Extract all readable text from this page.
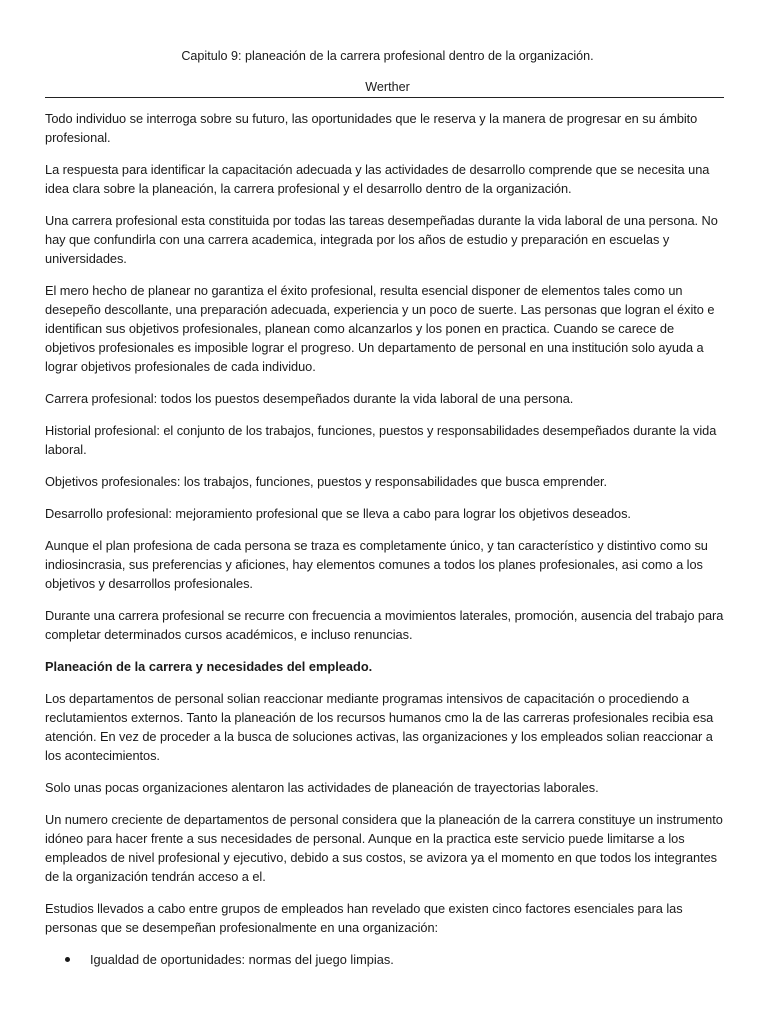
Capitulo 9: planeación de la carrera profesional dentro de la organización.

Werther

Todo individuo se interroga sobre su futuro, las oportunidades que le reserva y la manera de progresar en su ámbito profesional.

La respuesta para identificar la capacitación adecuada y las actividades de desarrollo comprende que se necesita una idea clara sobre la planeación, la carrera profesional y el desarrollo dentro de la organización.

Una carrera profesional esta constituida por todas las tareas desempeñadas durante la vida laboral de una persona. No hay que confundirla con una carrera academica, integrada por los años de estudio y preparación en escuelas y universidades.

El mero hecho de planear no garantiza el éxito profesional, resulta esencial disponer de elementos tales como un desepeño descollante, una preparación adecuada, experiencia y un poco de suerte. Las personas que logran el éxito e identifican sus objetivos profesionales, planean como alcanzarlos y los ponen en practica. Cuando se carece de objetivos profesionales es imposible lograr el progreso. Un departamento de personal en una institución solo ayuda a lograr objetivos profesionales de cada individuo.

Carrera profesional: todos los puestos desempeñados durante la vida laboral de una persona.

Historial profesional: el conjunto de los trabajos, funciones, puestos y responsabilidades desempeñados durante la vida laboral.

Objetivos profesionales: los trabajos, funciones, puestos y responsabilidades que busca emprender.

Desarrollo profesional: mejoramiento profesional que se lleva a cabo para lograr los objetivos deseados.

Aunque el plan profesiona de cada persona se traza es completamente único, y tan característico y distintivo como su indiosincrasia, sus preferencias y aficiones, hay elementos comunes a todos los planes profesionales, asi como a los objetivos y desarrollos profesionales.

Durante una carrera profesional se recurre con frecuencia a movimientos laterales, promoción, ausencia del trabajo para completar determinados cursos académicos, e incluso renuncias.

Planeación de la carrera y necesidades del empleado.

Los departamentos de personal solian reaccionar mediante programas intensivos de capacitación o procediendo a reclutamientos externos. Tanto la planeación de los recursos humanos cmo la de las carreras profesionales recibia esa atención. En vez de proceder a la busca de soluciones activas, las organizaciones y los empleados solian reaccionar a los acontecimientos.

Solo unas pocas organizaciones alentaron las actividades de planeación de trayectorias laborales.

Un numero creciente de departamentos de personal considera que la planeación de la carrera constituye un instrumento idóneo para hacer frente a sus necesidades de personal. Aunque en la practica este servicio puede limitarse a los empleados de nivel profesional y ejecutivo, debido a sus costos, se avizora ya el momento en que todos los integrantes de la organización tendrán acceso a el.

Estudios llevados a cabo entre grupos de empleados han revelado que existen cinco factores esenciales para las personas que se desempeñan profesionalmente en una organización:

Igualdad de oportunidades: normas del juego limpias.
